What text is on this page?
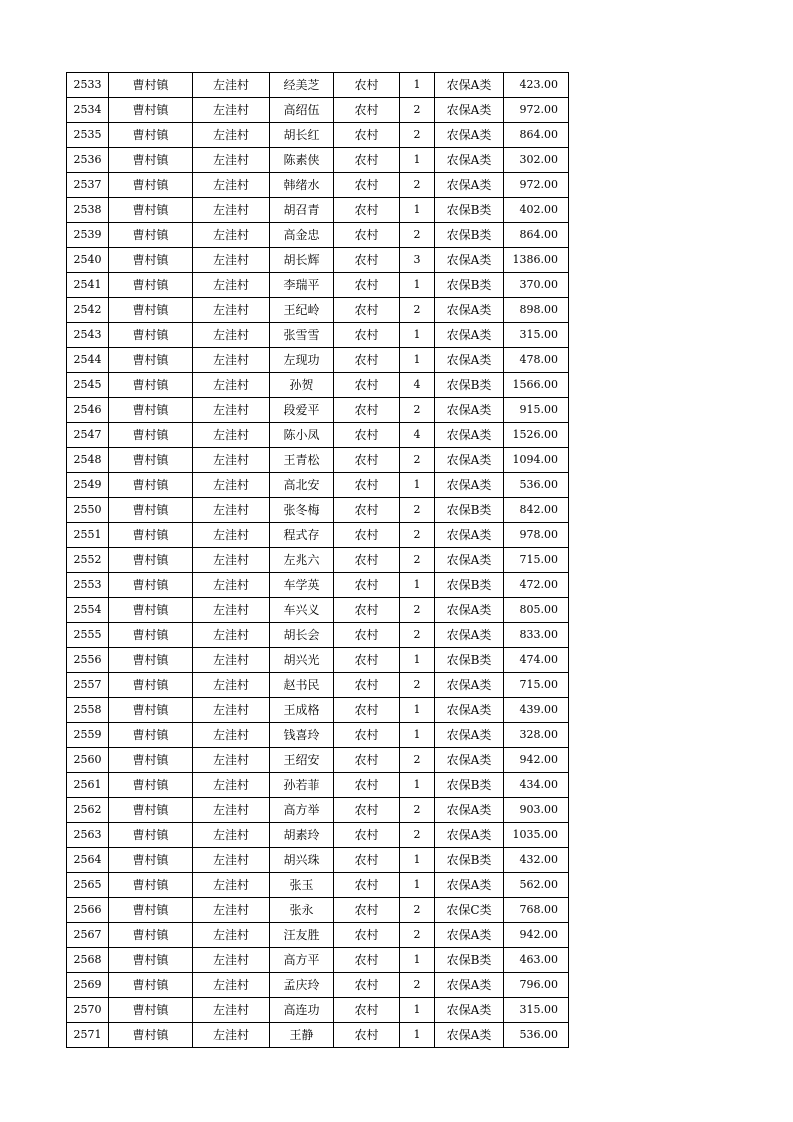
2533	曹村镇	左洼村	经美芝	农村	1	农保A类	423.00
2534	曹村镇	左洼村	高绍伍	农村	2	农保A类	972.00
2535	曹村镇	左洼村	胡长红	农村	2	农保A类	864.00
2536	曹村镇	左洼村	陈素侠	农村	1	农保A类	302.00
2537	曹村镇	左洼村	韩绪水	农村	2	农保A类	972.00
2538	曹村镇	左洼村	胡召青	农村	1	农保B类	402.00
2539	曹村镇	左洼村	高金忠	农村	2	农保B类	864.00
2540	曹村镇	左洼村	胡长辉	农村	3	农保A类	1386.00
2541	曹村镇	左洼村	李瑞平	农村	1	农保B类	370.00
2542	曹村镇	左洼村	王纪岭	农村	2	农保A类	898.00
2543	曹村镇	左洼村	张雪雪	农村	1	农保A类	315.00
2544	曹村镇	左洼村	左现功	农村	1	农保A类	478.00
2545	曹村镇	左洼村	孙贺	农村	4	农保B类	1566.00
2546	曹村镇	左洼村	段爱平	农村	2	农保A类	915.00
2547	曹村镇	左洼村	陈小凤	农村	4	农保A类	1526.00
2548	曹村镇	左洼村	王青松	农村	2	农保A类	1094.00
2549	曹村镇	左洼村	高北安	农村	1	农保A类	536.00
2550	曹村镇	左洼村	张冬梅	农村	2	农保B类	842.00
2551	曹村镇	左洼村	程式存	农村	2	农保A类	978.00
2552	曹村镇	左洼村	左兆六	农村	2	农保A类	715.00
2553	曹村镇	左洼村	车学英	农村	1	农保B类	472.00
2554	曹村镇	左洼村	车兴义	农村	2	农保A类	805.00
2555	曹村镇	左洼村	胡长会	农村	2	农保A类	833.00
2556	曹村镇	左洼村	胡兴光	农村	1	农保B类	474.00
2557	曹村镇	左洼村	赵书民	农村	2	农保A类	715.00
2558	曹村镇	左洼村	王成格	农村	1	农保A类	439.00
2559	曹村镇	左洼村	钱喜玲	农村	1	农保A类	328.00
2560	曹村镇	左洼村	王绍安	农村	2	农保A类	942.00
2561	曹村镇	左洼村	孙若菲	农村	1	农保B类	434.00
2562	曹村镇	左洼村	高方举	农村	2	农保A类	903.00
2563	曹村镇	左洼村	胡素玲	农村	2	农保A类	1035.00
2564	曹村镇	左洼村	胡兴珠	农村	1	农保B类	432.00
2565	曹村镇	左洼村	张玉	农村	1	农保A类	562.00
2566	曹村镇	左洼村	张永	农村	2	农保C类	768.00
2567	曹村镇	左洼村	汪友胜	农村	2	农保A类	942.00
2568	曹村镇	左洼村	高方平	农村	1	农保B类	463.00
2569	曹村镇	左洼村	孟庆玲	农村	2	农保A类	796.00
2570	曹村镇	左洼村	高连功	农村	1	农保A类	315.00
2571	曹村镇	左洼村	王静	农村	1	农保A类	536.00
